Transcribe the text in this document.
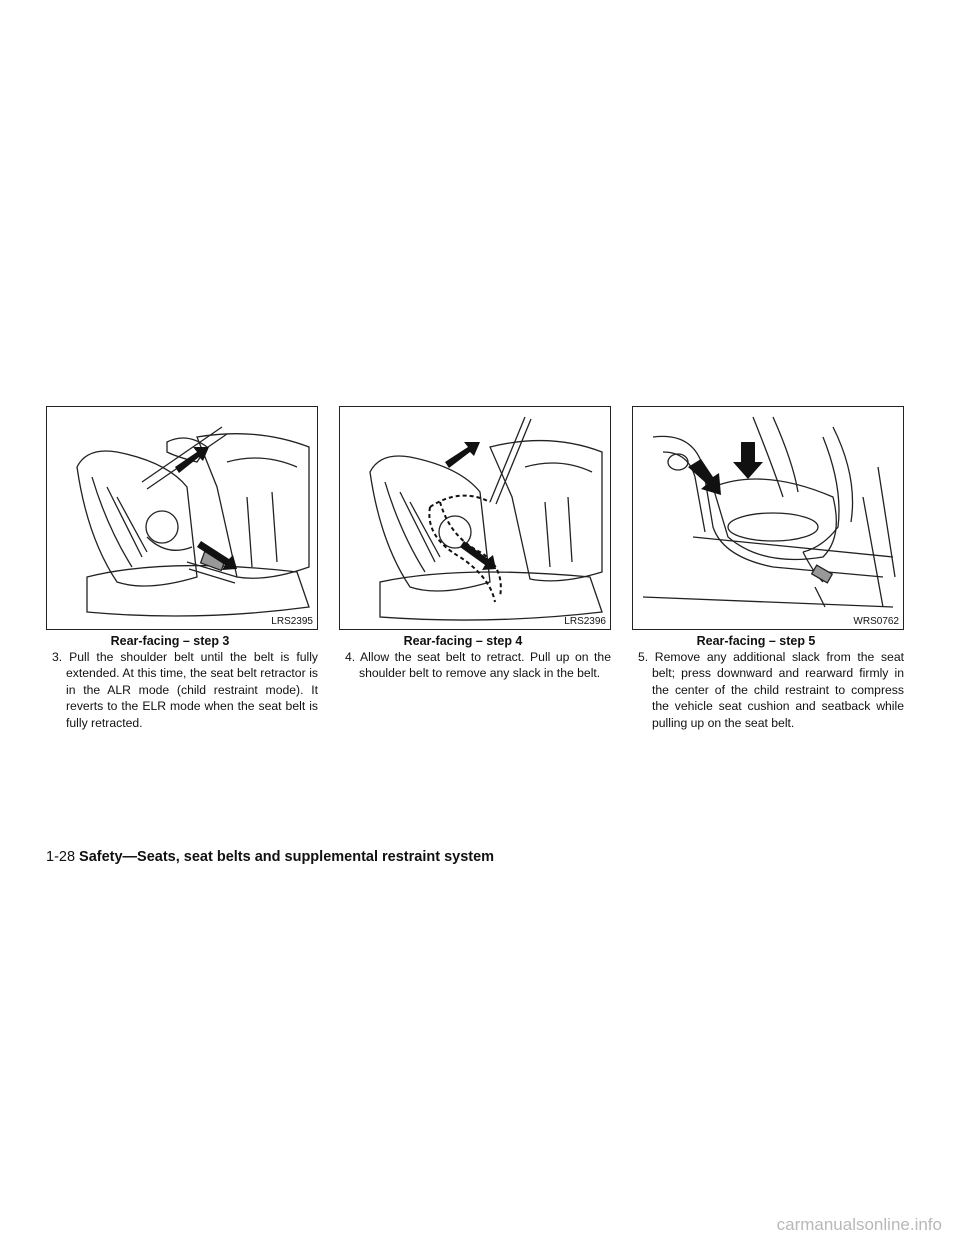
LRS2395
Rear-facing – step 3
3. Pull the shoulder belt until the belt is fully extended. At this time, the seat belt retractor is in the ALR mode (child restraint mode). It reverts to the ELR mode when the seat belt is fully retracted.
LRS2396
Rear-facing – step 4
4. Allow the seat belt to retract. Pull up on the shoulder belt to remove any slack in the belt.
WRS0762
Rear-facing – step 5
5. Remove any additional slack from the seat belt; press downward and rearward firmly in the center of the child restraint to compress the vehicle seat cushion and seatback while pulling up on the seat belt.
1-28 Safety—Seats, seat belts and supplemental restraint system
carmanualsonline.info
